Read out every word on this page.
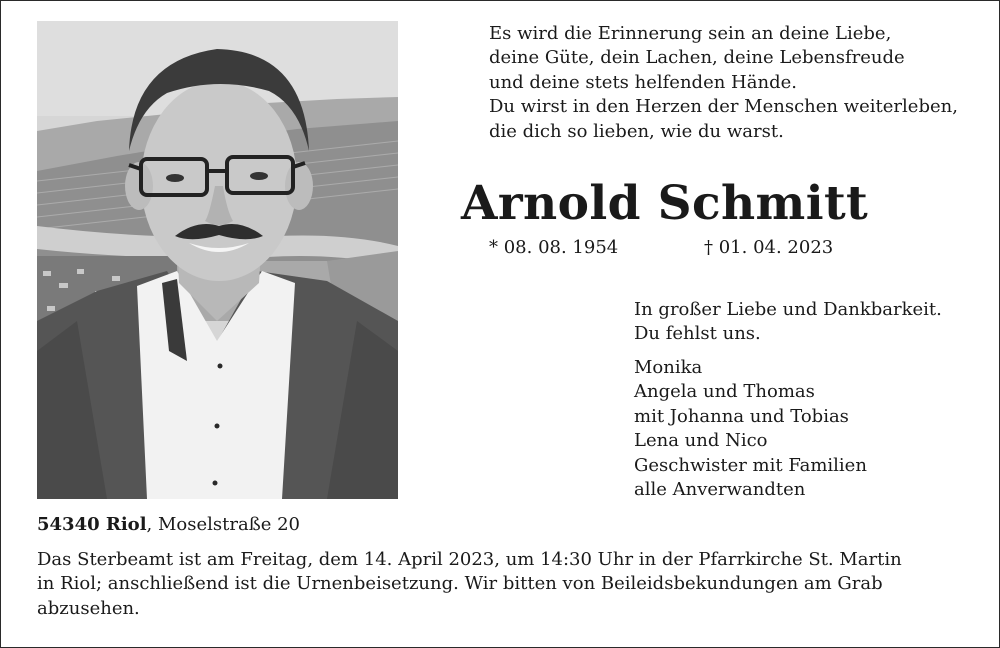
Es wird die Erinnerung sein an deine Liebe,
deine Güte, dein Lachen, deine Lebensfreude
und deine stets helfenden Hände.
Du wirst in den Herzen der Menschen weiterleben,
die dich so lieben, wie du warst.
Arnold Schmitt
* 08. 08. 1954	† 01. 04. 2023
In großer Liebe und Dankbarkeit.
Du fehlst uns.
Monika
Angela und Thomas
mit Johanna und Tobias
Lena und Nico
Geschwister mit Familien
alle Anverwandten
54340 Riol, Moselstraße 20
Das Sterbeamt ist am Freitag, dem 14. April 2023, um 14:30 Uhr in der Pfarrkirche St. Martin
in Riol; anschließend ist die Urnenbeisetzung. Wir bitten von Beileidsbekundungen am Grab
abzusehen.
